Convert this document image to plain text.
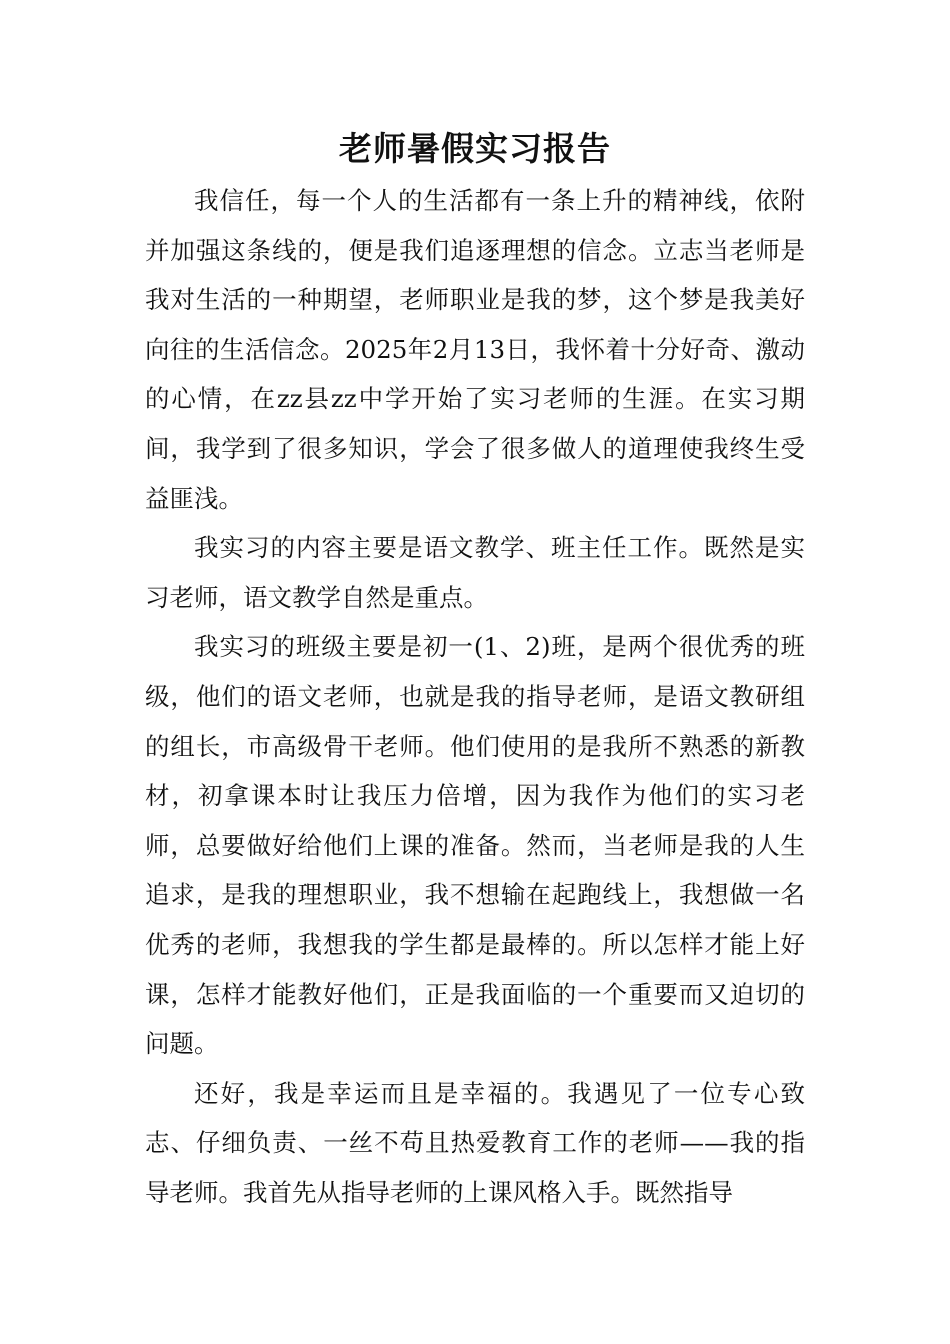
老师暑假实习报告

我信任，每一个人的生活都有一条上升的精神线，依附并加强这条线的，便是我们追逐理想的信念。立志当老师是我对生活的一种期望，老师职业是我的梦，这个梦是我美好向往的生活信念。2025年2月13日，我怀着十分好奇、激动的心情，在zz县zz中学开始了实习老师的生涯。在实习期间，我学到了很多知识，学会了很多做人的道理使我终生受益匪浅。

我实习的内容主要是语文教学、班主任工作。既然是实习老师，语文教学自然是重点。

我实习的班级主要是初一(1、2)班，是两个很优秀的班级，他们的语文老师，也就是我的指导老师，是语文教研组的组长，市高级骨干老师。他们使用的是我所不熟悉的新教材，初拿课本时让我压力倍增，因为我作为他们的实习老师，总要做好给他们上课的准备。然而，当老师是我的人生追求，是我的理想职业，我不想输在起跑线上，我想做一名优秀的老师，我想我的学生都是最棒的。所以怎样才能上好课，怎样才能教好他们，正是我面临的一个重要而又迫切的问题。

还好，我是幸运而且是幸福的。我遇见了一位专心致志、仔细负责、一丝不苟且热爱教育工作的老师——我的指导老师。我首先从指导老师的上课风格入手。既然指导
